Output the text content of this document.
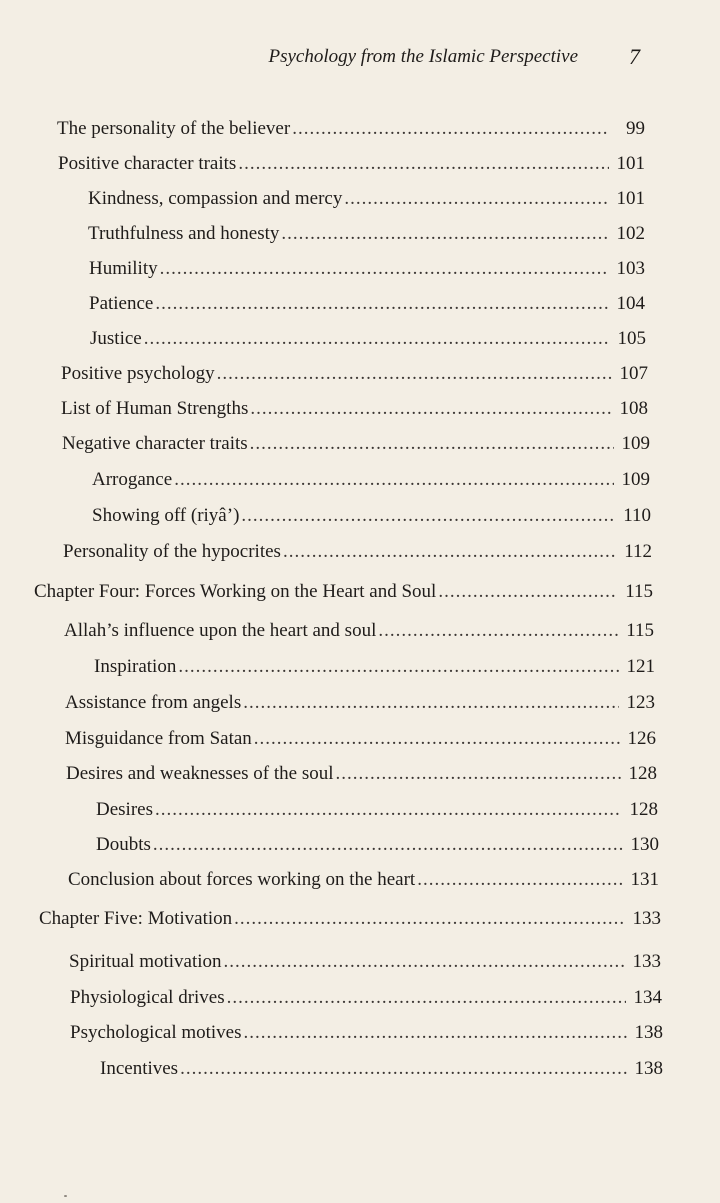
Psychology from the Islamic Perspective 7
The personality of the believer .....	99
Positive character traits .....	101
Kindness, compassion and mercy .....	101
Truthfulness and honesty .....	102
Humility .....	103
Patience .....	104
Justice .....	105
Positive psychology .....	107
List of Human Strengths .....	108
Negative character traits .....	109
Arrogance .....	109
Showing off (riyâ’) .....	110
Personality of the hypocrites .....	112
Chapter Four: Forces Working on the Heart and Soul .....	115
Allah’s influence upon the heart and soul .....	115
Inspiration .....	121
Assistance from angels .....	123
Misguidance from Satan .....	126
Desires and weaknesses of the soul .....	128
Desires .....	128
Doubts .....	130
Conclusion about forces working on the heart .....	131
Chapter Five: Motivation .....	133
Spiritual motivation .....	133
Physiological drives .....	134
Psychological motives .....	138
Incentives .....	138
